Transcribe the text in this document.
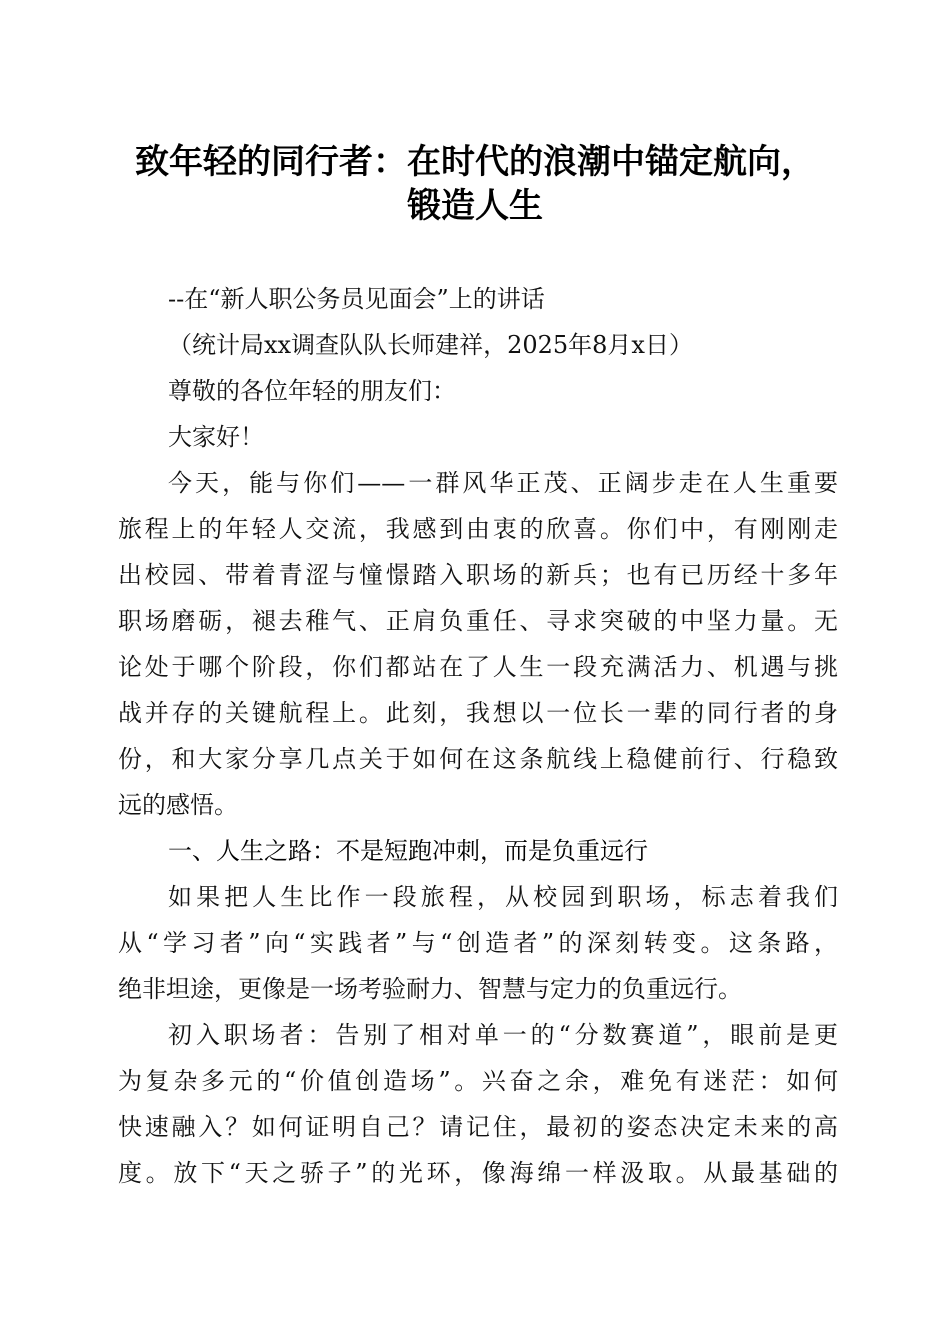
致年轻的同行者：在时代的浪潮中锚定航向，
锻造人生
--在“新人职公务员见面会”上的讲话
（统计局xx调查队队长师建祥，2025年8月x日）
尊敬的各位年轻的朋友们：
大家好！
今天，能与你们——一群风华正茂、正阔步走在人生重要
旅程上的年轻人交流，我感到由衷的欣喜。你们中，有刚刚走
出校园、带着青涩与憧憬踏入职场的新兵；也有已历经十多年
职场磨砺，褪去稚气、正肩负重任、寻求突破的中坚力量。无
论处于哪个阶段，你们都站在了人生一段充满活力、机遇与挑
战并存的关键航程上。此刻，我想以一位长一辈的同行者的身
份，和大家分享几点关于如何在这条航线上稳健前行、行稳致
远的感悟。
一、人生之路：不是短跑冲刺，而是负重远行
如果把人生比作一段旅程，从校园到职场，标志着我们
从“学习者”向“实践者”与“创造者”的深刻转变。这条路，
绝非坦途，更像是一场考验耐力、智慧与定力的负重远行。
初入职场者：告别了相对单一的“分数赛道”，眼前是更
为复杂多元的“价值创造场”。兴奋之余，难免有迷茫：如何
快速融入？如何证明自己？请记住，最初的姿态决定未来的高
度。放下“天之骄子”的光环，像海绵一样汲取。从最基础的
